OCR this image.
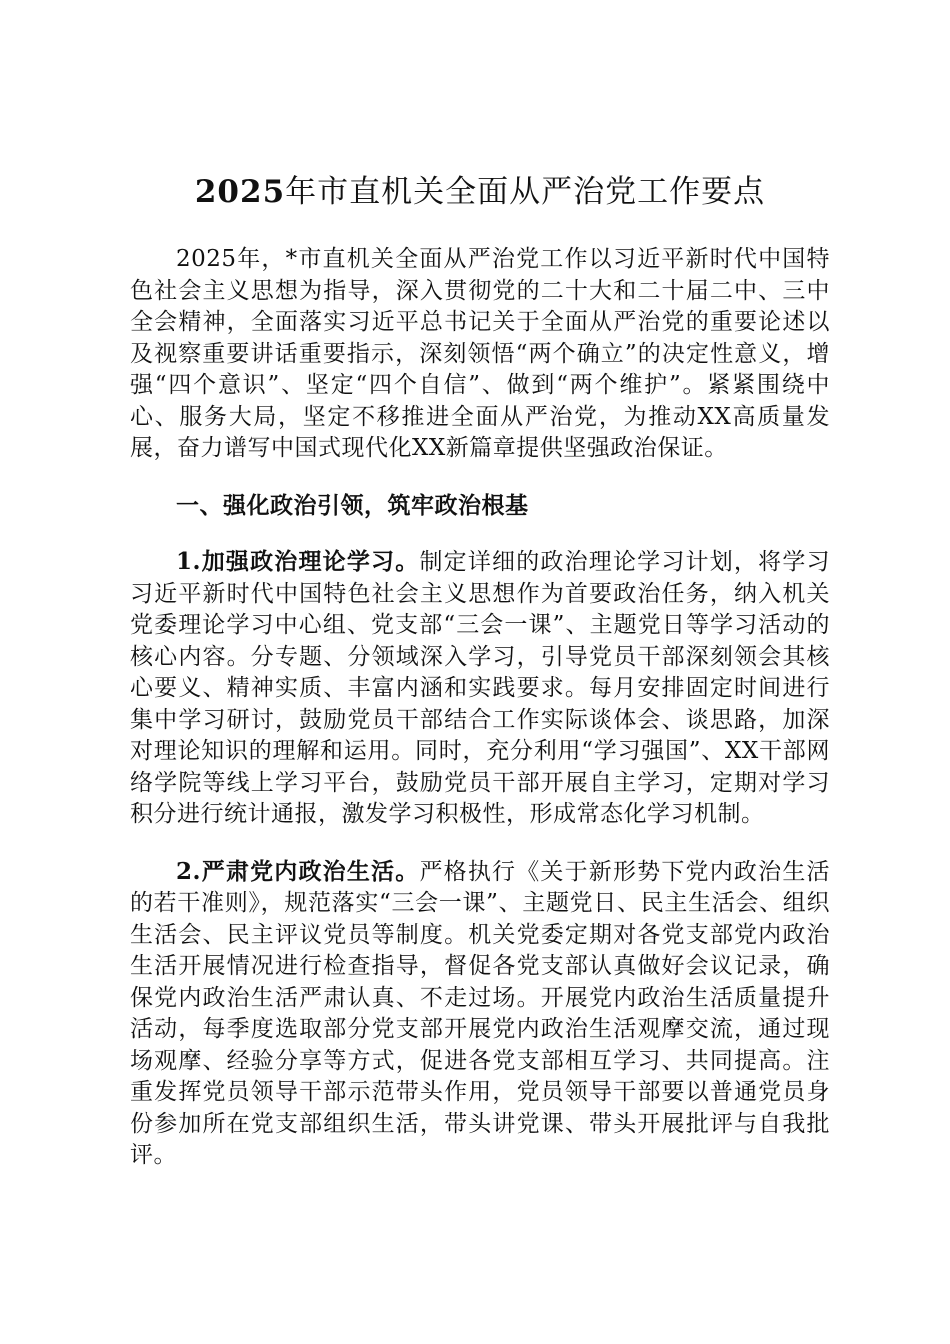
2025年市直机关全面从严治党工作要点

2025年，*市直机关全面从严治党工作以习近平新时代中国特色社会主义思想为指导，深入贯彻党的二十大和二十届二中、三中全会精神，全面落实习近平总书记关于全面从严治党的重要论述以及视察重要讲话重要指示，深刻领悟“两个确立”的决定性意义，增强“四个意识”、坚定“四个自信”、做到“两个维护”。紧紧围绕中心、服务大局，坚定不移推进全面从严治党，为推动XX高质量发展，奋力谱写中国式现代化XX新篇章提供坚强政治保证。

一、强化政治引领，筑牢政治根基

1.加强政治理论学习。制定详细的政治理论学习计划，将学习习近平新时代中国特色社会主义思想作为首要政治任务，纳入机关党委理论学习中心组、党支部“三会一课”、主题党日等学习活动的核心内容。分专题、分领域深入学习，引导党员干部深刻领会其核心要义、精神实质、丰富内涵和实践要求。每月安排固定时间进行集中学习研讨，鼓励党员干部结合工作实际谈体会、谈思路，加深对理论知识的理解和运用。同时，充分利用“学习强国”、XX干部网络学院等线上学习平台，鼓励党员干部开展自主学习，定期对学习积分进行统计通报，激发学习积极性，形成常态化学习机制。

2.严肃党内政治生活。严格执行《关于新形势下党内政治生活的若干准则》，规范落实“三会一课”、主题党日、民主生活会、组织生活会、民主评议党员等制度。机关党委定期对各党支部党内政治生活开展情况进行检查指导，督促各党支部认真做好会议记录，确保党内政治生活严肃认真、不走过场。开展党内政治生活质量提升活动，每季度选取部分党支部开展党内政治生活观摩交流，通过现场观摩、经验分享等方式，促进各党支部相互学习、共同提高。注重发挥党员领导干部示范带头作用，党员领导干部要以普通党员身份参加所在党支部组织生活，带头讲党课、带头开展批评与自我批评。
